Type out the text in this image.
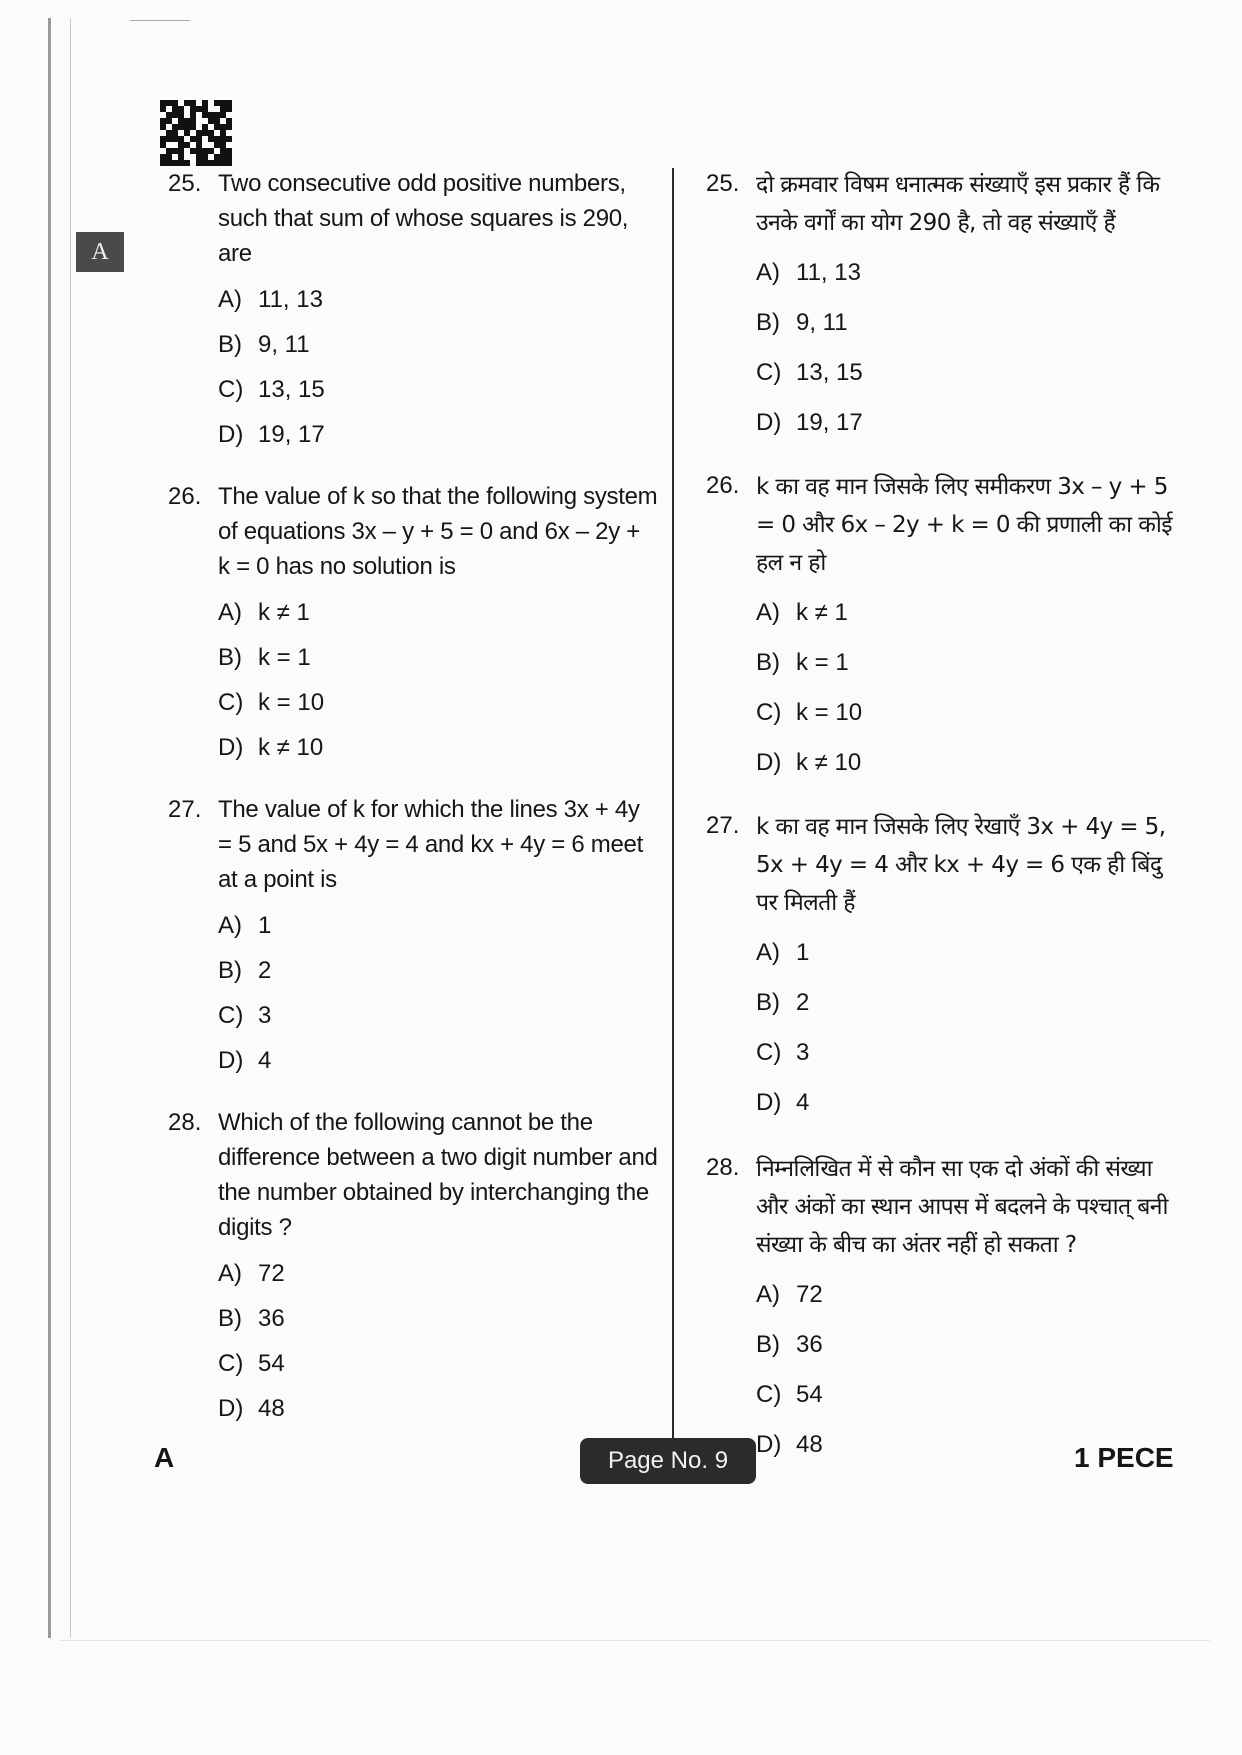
A
25. Two consecutive odd positive numbers, such that sum of whose squares is 290, are
A) 11, 13
B) 9, 11
C) 13, 15
D) 19, 17
26. The value of k so that the following system of equations 3x – y + 5 = 0 and 6x – 2y + k = 0 has no solution is
A) k ≠ 1
B) k = 1
C) k = 10
D) k ≠ 10
27. The value of k for which the lines 3x + 4y = 5 and 5x + 4y = 4 and kx + 4y = 6 meet at a point is
A) 1
B) 2
C) 3
D) 4
28. Which of the following cannot be the difference between a two digit number and the number obtained by interchanging the digits ?
A) 72
B) 36
C) 54
D) 48
25. दो क्रमवार विषम धनात्मक संख्याएँ इस प्रकार हैं कि उनके वर्गों का योग 290 है, तो वह संख्याएँ हैं
A) 11, 13
B) 9, 11
C) 13, 15
D) 19, 17
26. k का वह मान जिसके लिए समीकरण 3x – y + 5 = 0 और 6x – 2y + k = 0 की प्रणाली का कोई हल न हो
A) k ≠ 1
B) k = 1
C) k = 10
D) k ≠ 10
27. k का वह मान जिसके लिए रेखाएँ 3x + 4y = 5, 5x + 4y = 4 और kx + 4y = 6 एक ही बिंदु पर मिलती हैं
A) 1
B) 2
C) 3
D) 4
28. निम्नलिखित में से कौन सा एक दो अंकों की संख्या और अंकों का स्थान आपस में बदलने के पश्चात् बनी संख्या के बीच का अंतर नहीं हो सकता ?
A) 72
B) 36
C) 54
D) 48
A	Page No. 9	1 PECE
